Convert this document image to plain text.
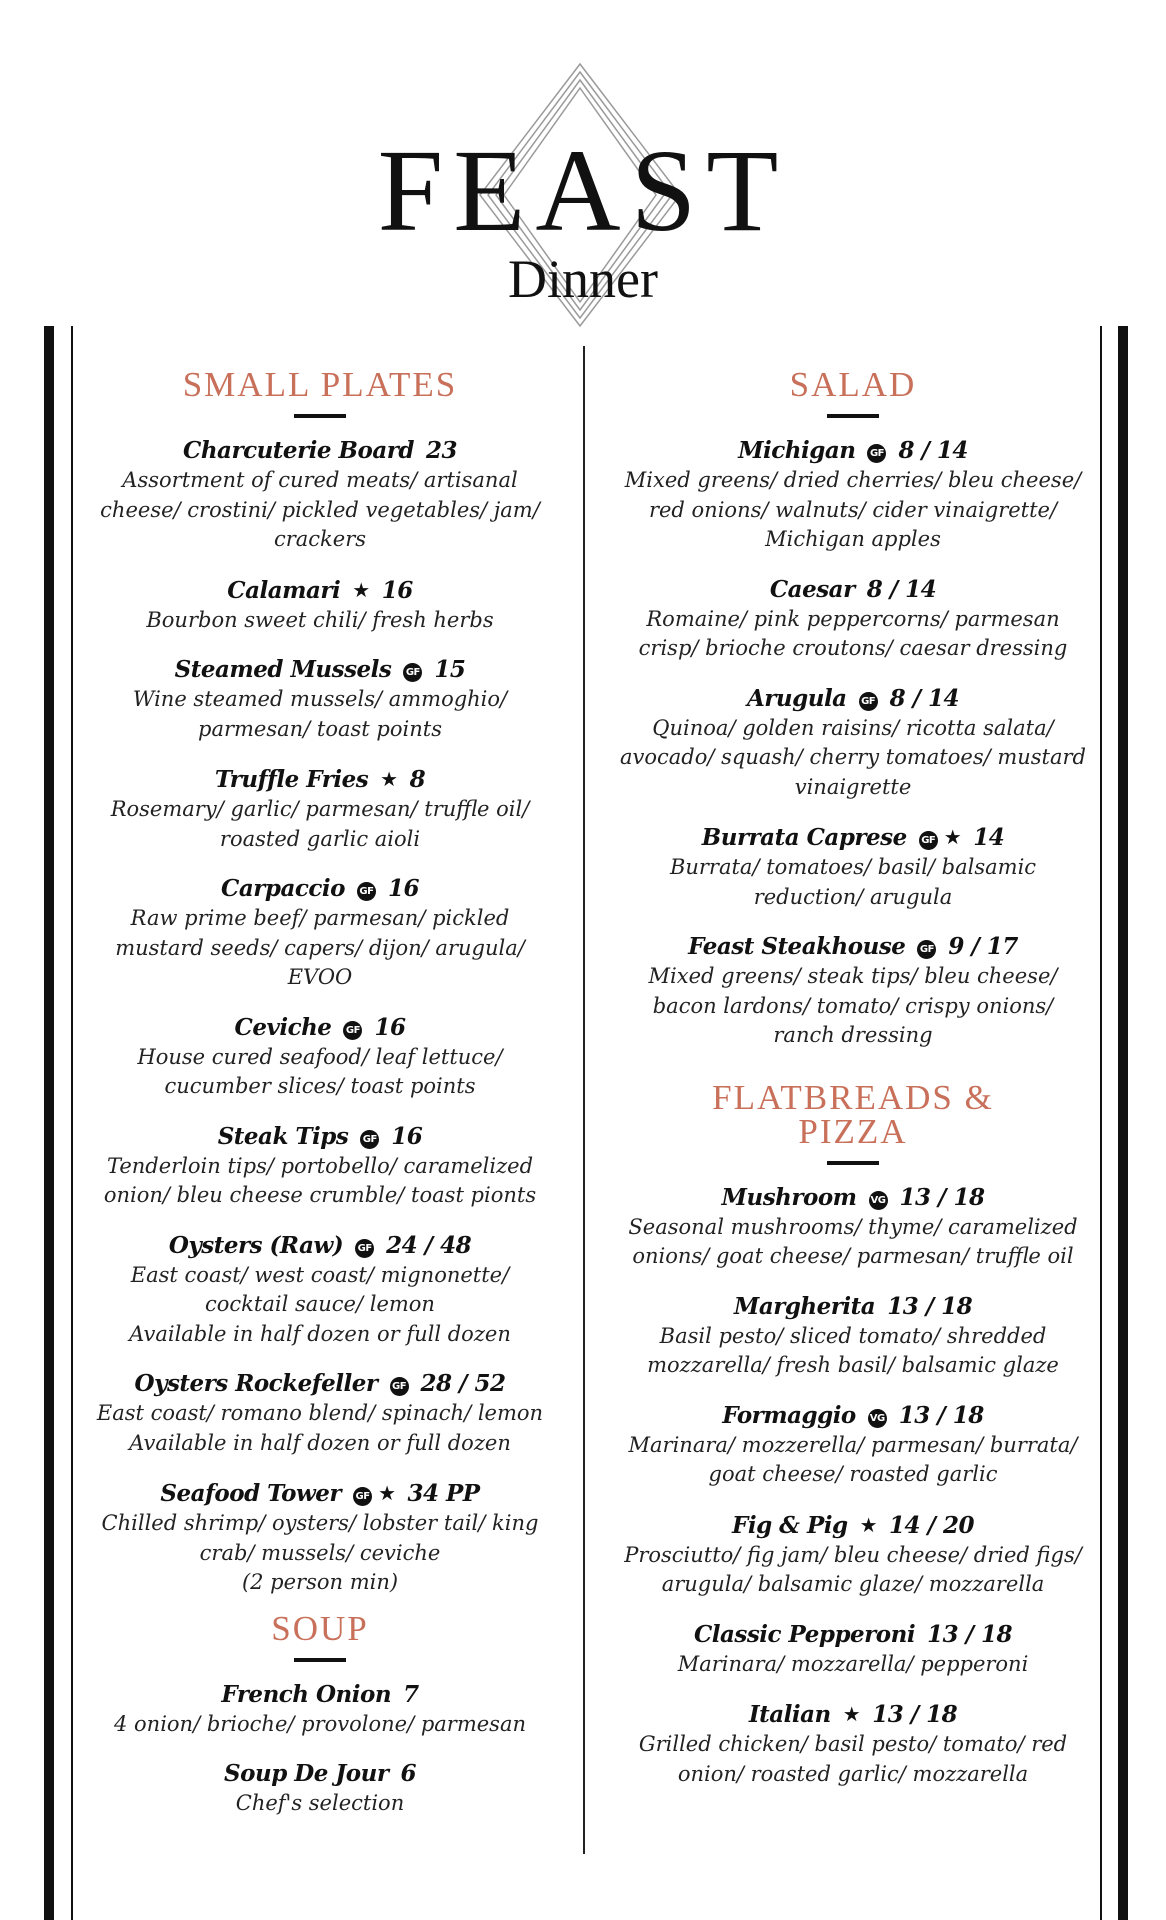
FEAST
Dinner
SMALL PLATES
Charcuterie Board 23
Assortment of cured meats/ artisanal cheese/ crostini/ pickled vegetables/ jam/ crackers
Calamari ★ 16
Bourbon sweet chili/ fresh herbs
Steamed Mussels GF 15
Wine steamed mussels/ ammoghio/ parmesan/ toast points
Truffle Fries ★ 8
Rosemary/ garlic/ parmesan/ truffle oil/ roasted garlic aioli
Carpaccio GF 16
Raw prime beef/ parmesan/ pickled mustard seeds/ capers/ dijon/ arugula/ EVOO
Ceviche GF 16
House cured seafood/ leaf lettuce/ cucumber slices/ toast points
Steak Tips GF 16
Tenderloin tips/ portobello/ caramelized onion/ bleu cheese crumble/ toast pionts
Oysters (Raw) GF 24 / 48
East coast/ west coast/ mignonette/ cocktail sauce/ lemon
Available in half dozen or full dozen
Oysters Rockefeller GF 28 / 52
East coast/ romano blend/ spinach/ lemon
Available in half dozen or full dozen
Seafood Tower GF ★ 34 PP
Chilled shrimp/ oysters/ lobster tail/ king crab/ mussels/ ceviche
(2 person min)
SOUP
French Onion 7
4 onion/ brioche/ provolone/ parmesan
Soup De Jour 6
Chef's selection
SALAD
Michigan GF 8 / 14
Mixed greens/ dried cherries/ bleu cheese/ red onions/ walnuts/ cider vinaigrette/ Michigan apples
Caesar 8 / 14
Romaine/ pink peppercorns/ parmesan crisp/ brioche croutons/ caesar dressing
Arugula GF 8 / 14
Quinoa/ golden raisins/ ricotta salata/ avocado/ squash/ cherry tomatoes/ mustard vinaigrette
Burrata Caprese GF ★ 14
Burrata/ tomatoes/ basil/ balsamic reduction/ arugula
Feast Steakhouse GF 9 / 17
Mixed greens/ steak tips/ bleu cheese/ bacon lardons/ tomato/ crispy onions/ ranch dressing
FLATBREADS &
PIZZA
Mushroom VG 13 / 18
Seasonal mushrooms/ thyme/ caramelized onions/ goat cheese/ parmesan/ truffle oil
Margherita 13 / 18
Basil pesto/ sliced tomato/ shredded mozzarella/ fresh basil/ balsamic glaze
Formaggio VG 13 / 18
Marinara/ mozzerella/ parmesan/ burrata/ goat cheese/ roasted garlic
Fig & Pig ★ 14 / 20
Prosciutto/ fig jam/ bleu cheese/ dried figs/ arugula/ balsamic glaze/ mozzarella
Classic Pepperoni 13 / 18
Marinara/ mozzarella/ pepperoni
Italian ★ 13 / 18
Grilled chicken/ basil pesto/ tomato/ red onion/ roasted garlic/ mozzarella
